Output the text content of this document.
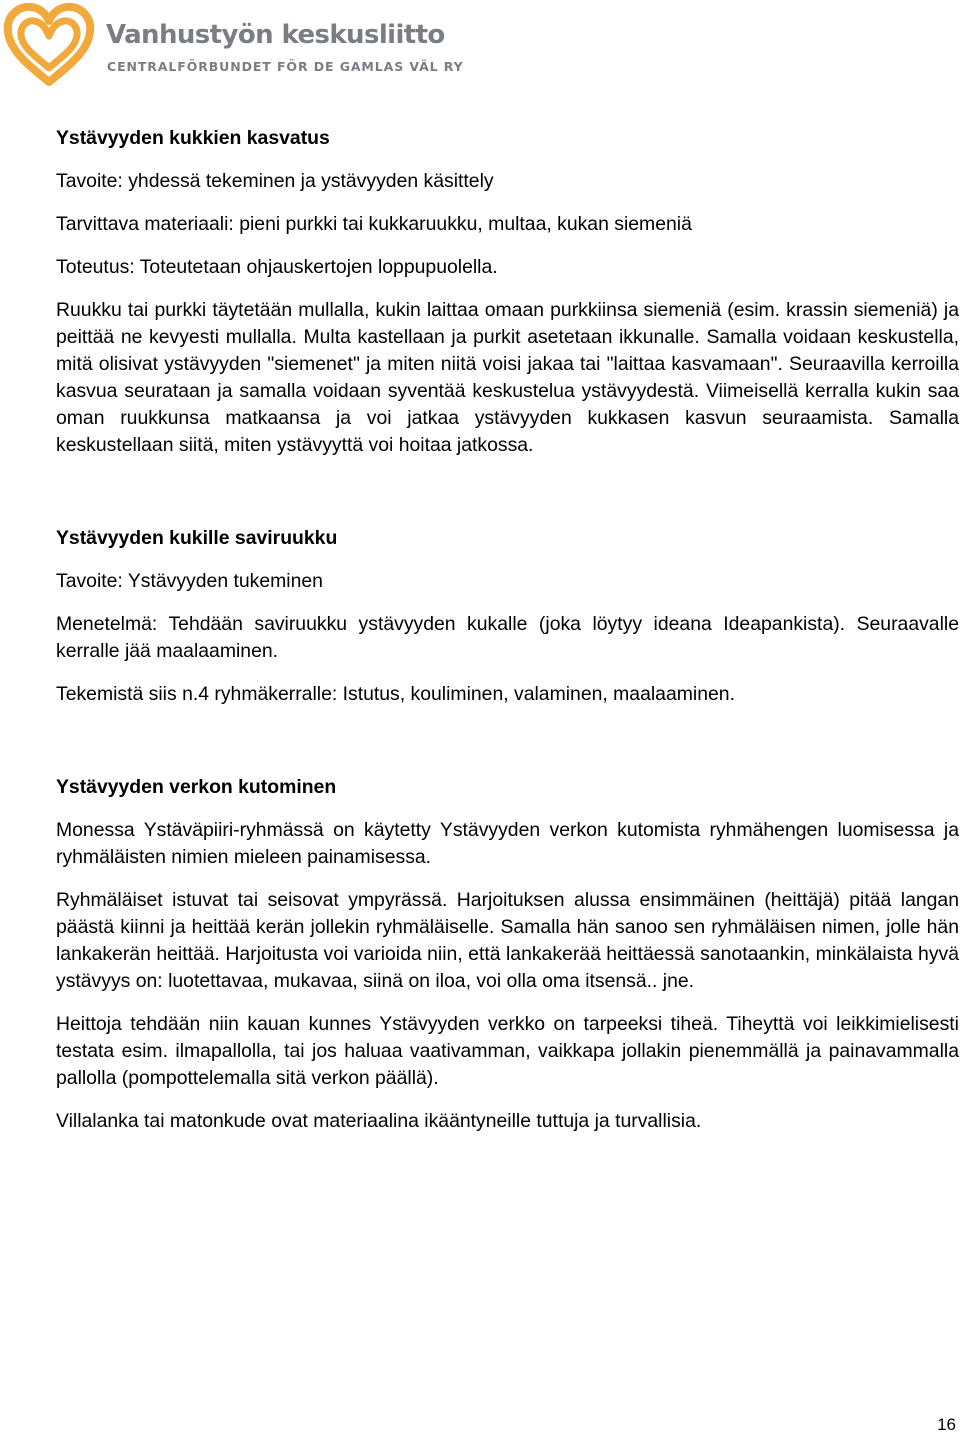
Vanhustyön keskusliitto
CENTRALFÖRBUNDET FÖR DE GAMLAS VÄL RY
Ystävyyden kukkien kasvatus

Tavoite: yhdessä tekeminen ja ystävyyden käsittely

Tarvittava materiaali: pieni purkki tai kukkaruukku, multaa, kukan siemeniä

Toteutus: Toteutetaan ohjauskertojen loppupuolella.

Ruukku tai purkki täytetään mullalla, kukin laittaa omaan purkkiinsa siemeniä (esim. krassin siemeniä) ja peittää ne kevyesti mullalla. Multa kastellaan ja purkit asetetaan ikkunalle. Samalla voidaan keskustella, mitä olisivat ystävyyden "siemenet" ja miten niitä voisi jakaa tai "laittaa kasvamaan". Seuraavilla kerroilla kasvua seurataan ja samalla voidaan syventää keskustelua ystävyydestä. Viimeisellä kerralla kukin saa oman ruukkunsa matkaansa ja voi jatkaa ystävyyden kukkasen kasvun seuraamista. Samalla keskustellaan siitä, miten ystävyyttä voi hoitaa jatkossa.

Ystävyyden kukille saviruukku

Tavoite: Ystävyyden tukeminen

Menetelmä: Tehdään saviruukku ystävyyden kukalle (joka löytyy ideana Ideapankista). Seuraavalle kerralle jää maalaaminen.

Tekemistä siis n.4 ryhmäkerralle: Istutus, kouliminen, valaminen, maalaaminen.

Ystävyyden verkon kutominen

Monessa Ystäväpiiri-ryhmässä on käytetty Ystävyyden verkon kutomista ryhmähengen luomisessa ja ryhmäläisten nimien mieleen painamisessa.

Ryhmäläiset istuvat tai seisovat ympyrässä. Harjoituksen alussa ensimmäinen (heittäjä) pitää langan päästä kiinni ja heittää kerän jollekin ryhmäläiselle. Samalla hän sanoo sen ryhmäläisen nimen, jolle hän lankakerän heittää. Harjoitusta voi varioida niin, että lankakerää heittäessä sanotaankin, minkälaista hyvä ystävyys on: luotettavaa, mukavaa, siinä on iloa, voi olla oma itsensä.. jne.

Heittoja tehdään niin kauan kunnes Ystävyyden verkko on tarpeeksi tiheä. Tiheyttä voi leikkimielisesti testata esim. ilmapallolla, tai jos haluaa vaativamman, vaikkapa jollakin pienemmällä ja painavammalla pallolla (pompottelemalla sitä verkon päällä).

Villalanka tai matonkude ovat materiaalina ikääntyneille tuttuja ja turvallisia.

16
